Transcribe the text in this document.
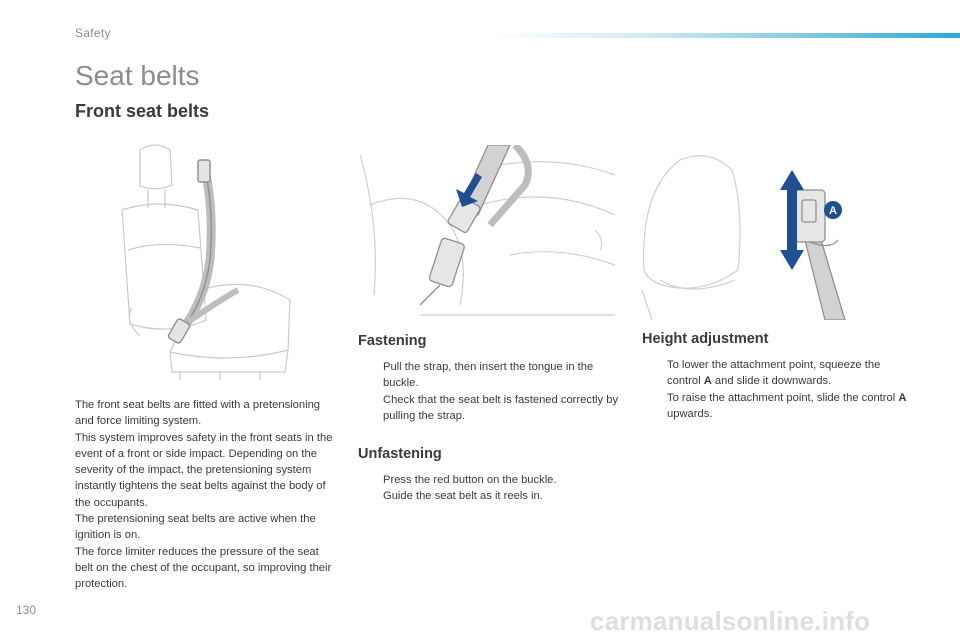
Safety
Seat belts
Front seat belts
A

The front seat belts are fitted with a pretensioning and force limiting system.

This system improves safety in the front seats in the event of a front or side impact. Depending on the severity of the impact, the pretensioning system instantly tightens the seat belts against the body of the occupants.

The pretensioning seat belts are active when the ignition is on.

The force limiter reduces the pressure of the seat belt on the chest of the occupant, so improving their protection.

Fastening
Pull the strap, then insert the tongue in the buckle.
Check that the seat belt is fastened correctly by pulling the strap.
Unfastening
Press the red button on the buckle.
Guide the seat belt as it reels in.
Height adjustment
To lower the attachment point, squeeze the control A and slide it downwards.
To raise the attachment point, slide the control A upwards.
130	carmanualsonline.info
